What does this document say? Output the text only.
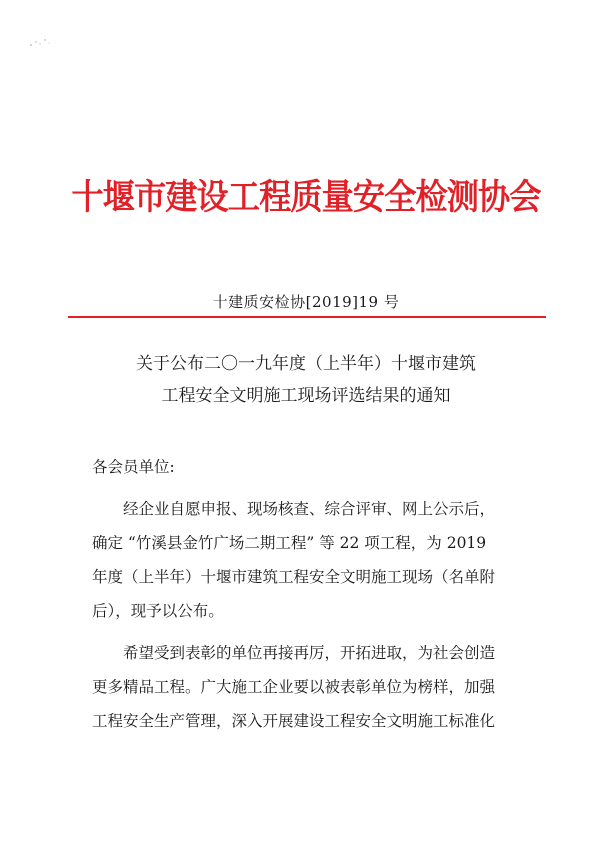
十堰市建设工程质量安全检测协会
十建质安检协[2019]19 号
关于公布二〇一九年度（上半年）十堰市建筑
工程安全文明施工现场评选结果的通知
各会员单位:
经企业自愿申报、现场核查、综合评审、网上公示后，
确定 “竹溪县金竹广场二期工程” 等 22 项工程，为 2019
年度（上半年）十堰市建筑工程安全文明施工现场（名单附
后），现予以公布。
希望受到表彰的单位再接再厉，开拓进取，为社会创造
更多精品工程。广大施工企业要以被表彰单位为榜样，加强
工程安全生产管理，深入开展建设工程安全文明施工标准化
